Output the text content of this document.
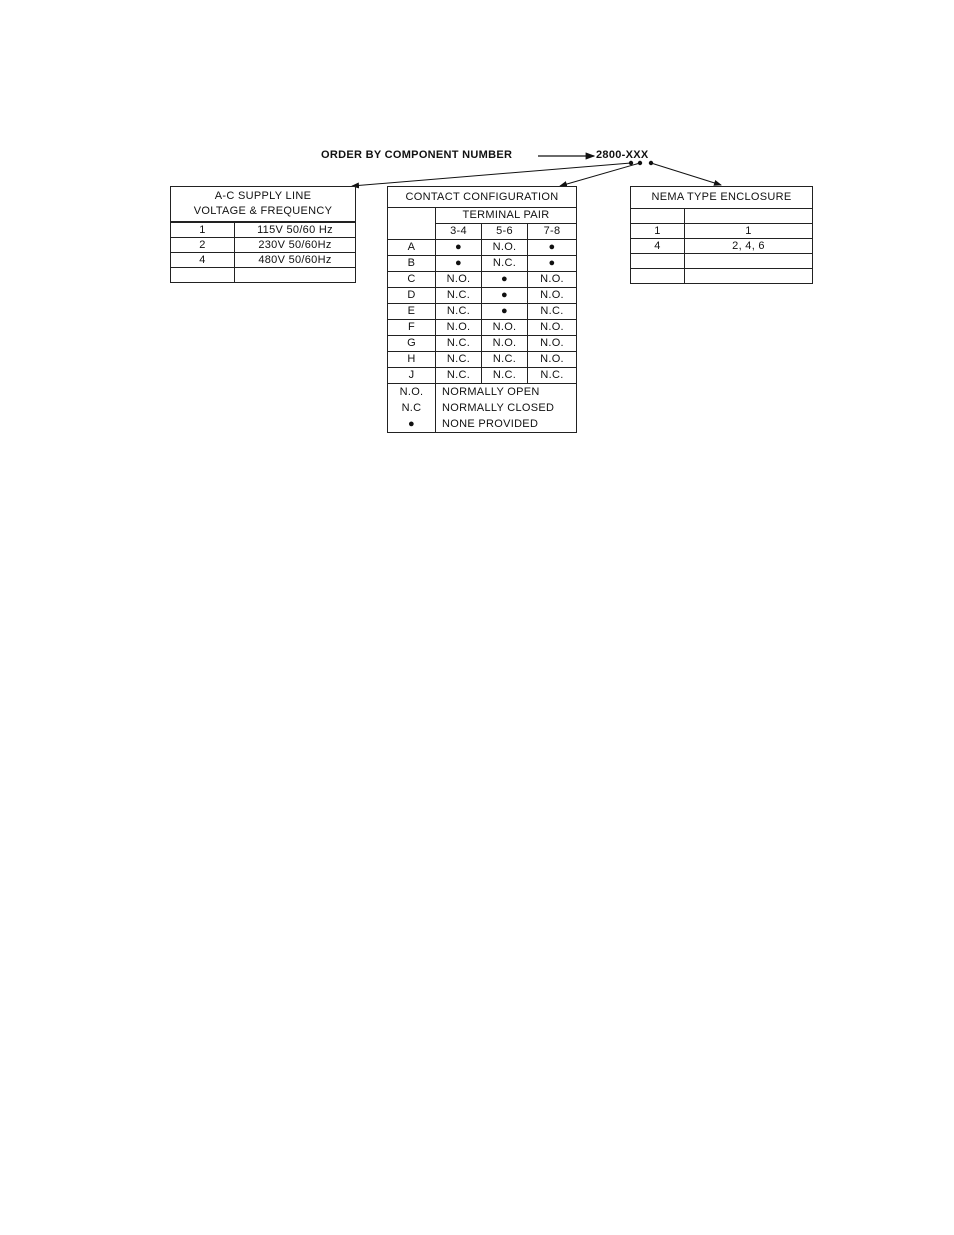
ORDER BY COMPONENT NUMBER	2800-XXX
A-C SUPPLY LINE
VOLTAGE & FREQUENCY	

1	115V 50/60 Hz
2	230V 50/60Hz
4	480V 50/60Hz

CONTACT CONFIGURATION			
	TERMINAL PAIR		
	3-4	5-6	7-8
A	●	N.O.	●
B	●	N.C.	●
C	N.O.	●	N.O.
D	N.C.	●	N.O.
E	N.C.	●	N.C.
F	N.O.	N.O.	N.O.
G	N.C.	N.O.	N.O.
H	N.C.	N.C.	N.O.
J	N.C.	N.C.	N.C.
N.O.	NORMALLY OPEN		
N.C	NORMALLY CLOSED		
●	NONE PROVIDED		
NEMA TYPE ENCLOSURE	

1	1
4	2, 4, 6
